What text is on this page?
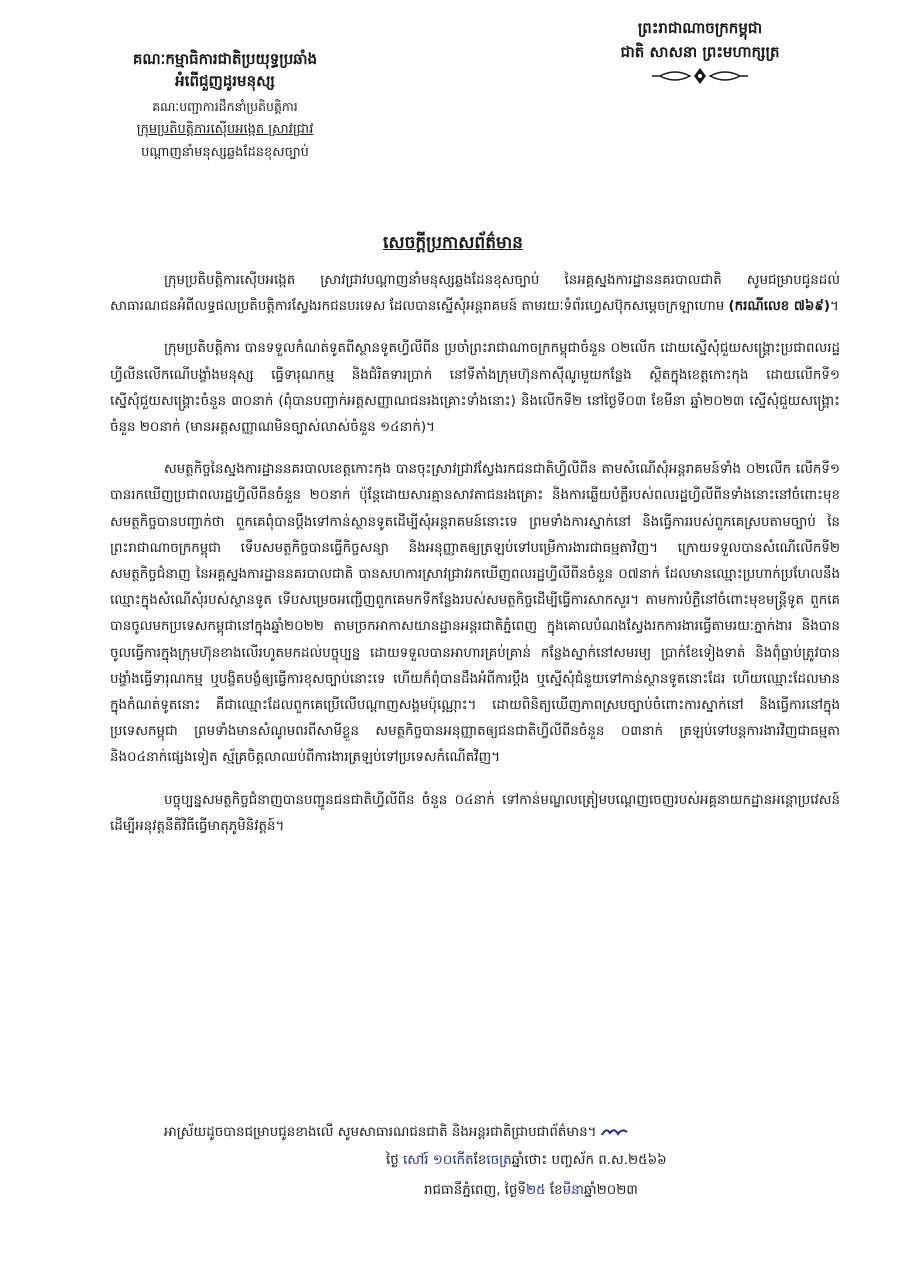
គណៈកម្មាធិការជាតិប្រយុទ្ធប្រឆាំង
អំពើជួញដូរមនុស្ស
គណៈបញ្ជាការដឹកនាំប្រតិបត្តិការ
ក្រុមប្រតិបត្តិការស៊ើបអង្កេត ស្រាវជ្រាវ
បណ្តាញនាំមនុស្សឆ្លងដែនខុសច្បាប់
ព្រះរាជាណាចក្រកម្ពុជា
ជាតិ សាសនា ព្រះមហាក្សត្រ
សេចក្តីប្រកាសព័ត៌មាន

ក្រុមប្រតិបត្តិការស៊ើបអង្កេត ស្រាវជ្រាវបណ្តាញនាំមនុស្សឆ្លងដែនខុសច្បាប់ នៃអគ្គស្នងការដ្ឋាននគរបាលជាតិ សូមជម្រាបជូនដល់សាធារណជនអំពីលទ្ធផលប្រតិបត្តិការស្វែងរកជនបរទេស ដែលបានស្នើសុំអន្តរាគមន៍ តាមរយៈទំព័រហ្វេសប៊ុកសម្តេចក្រឡាហោម (ករណីលេខ ៧៦៩)។

ក្រុមប្រតិបត្តិការ បានទទួលកំណត់ទូតពីស្ថានទូតហ្វីលីពីន ប្រចាំព្រះរាជាណាចក្រកម្ពុជាចំនួន ០២លើក ដោយស្នើសុំជួយសង្គ្រោះប្រជាពលរដ្ឋហ្វីលីនលើកណើបង្ខាំងមនុស្ស ធ្វើទារុណកម្ម និងជំរិតទារប្រាក់ នៅទីតាំងក្រុមហ៊ុនកាស៊ីណូមួយកន្លែង ស្ថិតក្នុងខេត្តកោះកុង ដោយលើកទី១ ស្នើសុំជួយសង្គ្រោះចំនួន ៣០នាក់ (ពុំបានបញ្ជាក់អត្តសញ្ញាណជនរងគ្រោះទាំងនោះ) និងលើកទី២ នៅថ្ងៃទី០៣ ខែមីនា ឆ្នាំ២០២៣ ស្នើសុំជួយសង្គ្រោះចំនួន ២០នាក់ (មានអត្តសញ្ញាណមិនច្បាស់លាស់ចំនួន ១៤នាក់)។

សមត្ថកិច្ចនៃស្នងការដ្ឋាននគរបាលខេត្តកោះកុង បានចុះស្រាវជ្រាវស្វែងរកជនជាតិហ្វីលីពីន តាមសំណើសុំអន្តរាគមន៍ទាំង ០២លើក លើកទី១ បានរកឃើញប្រជាពលរដ្ឋហ្វីលីពីនចំនួន ២០នាក់ ប៉ុន្តែដោយសារគ្មានសាវតាជនរងគ្រោះ និងការឆ្លើយបំភ្លឺរបស់ពលរដ្ឋហ្វីលីពីនទាំងនោះនៅចំពោះមុខសមត្ថកិច្ចបានបញ្ជាក់ថា ពួកគេពុំបានប្តឹងទៅកាន់ស្ថានទូតដើម្បីសុំអន្តរាគមន៍នោះទេ ព្រមទាំងការស្នាក់នៅ និងធ្វើការរបស់ពួកគេស្របតាមច្បាប់ នៃព្រះរាជាណាចក្រកម្ពុជា ទើបសមត្ថកិច្ចបានធ្វើកិច្ចសន្យា និងអនុញ្ញាតឲ្យត្រឡប់ទៅបម្រើការងារជាធម្មតាវិញ។ ក្រោយទទួលបានសំណើលើកទី២ សមត្ថកិច្ចជំនាញ នៃអគ្គស្នងការដ្ឋាននគរបាលជាតិ បានសហការស្រាវជ្រាវរកឃើញពលរដ្ឋហ្វីលីពីនចំនួន ០៧នាក់ ដែលមានឈ្មោះប្រហាក់ប្រហែលនឹងឈ្មោះក្នុងសំណើសុំរបស់ស្ថានទូត ទើបសម្រេចអញ្ជើញពួកគេមកទីកន្លែងរបស់សមត្ថកិច្ចដើម្បីធ្វើការសាកសួរ។ តាមការបំភ្លឺនៅចំពោះមុខមន្ត្រីទូត ពួកគេបានចូលមកប្រទេសកម្ពុជានៅក្នុងឆ្នាំ២០២២ តាមច្រកអាកាសយានដ្ឋានអន្តរជាតិភ្នំពេញ ក្នុងគោលបំណងស្វែងរកការងារធ្វើតាមរយៈភ្នាក់ងារ និងបានចូលធ្វើការក្នុងក្រុមហ៊ុនខាងលើរហូតមកដល់បច្ចុប្បន្ន ដោយទទួលបានអាហារគ្រប់គ្រាន់ កន្លែងស្នាក់នៅសមរម្យ ប្រាក់ខែទៀងទាត់ និងពុំធ្លាប់ត្រូវបានបង្ខាំងធ្វើទារុណកម្ម ឬបង្ខិតបង្ខំឲ្យធ្វើការខុសច្បាប់នោះទេ ហើយក៏ពុំបានដឹងអំពីការប្តឹង ឬស្នើសុំជំនួយទៅកាន់ស្ថានទូតនោះដែរ ហើយឈ្មោះដែលមានក្នុងកំណត់ទូតនោះ គឺជាឈ្មោះដែលពួកគេប្រើលើបណ្តាញសង្គមប៉ុណ្ណោះ។ ដោយពិនិត្យឃើញភាពស្របច្បាប់ចំពោះការស្នាក់នៅ និងធ្វើការនៅក្នុងប្រទេសកម្ពុជា ព្រមទាំងមានសំណូមពរពីសាមីខ្លួន សមត្ថកិច្ចបានអនុញ្ញាតឲ្យជនជាតិហ្វីលីពីនចំនួន ០៣នាក់ ត្រឡប់ទៅបន្តការងារវិញជាធម្មតា និង០៤នាក់ផ្សេងទៀត ស្ម័គ្រចិត្តលាឈប់ពីការងារត្រឡប់ទៅប្រទេសកំណើតវិញ។

បច្ចុប្បន្នសមត្ថកិច្ចជំនាញបានបញ្ជូនជនជាតិហ្វីលីពីន ចំនួន ០៤នាក់ ទៅកាន់មណ្ឌលត្រៀមបណ្តេញចេញរបស់អគ្គនាយកដ្ឋានអន្តោប្រវេសន៍ ដើម្បីអនុវត្តនីតិវិធីធ្វើមាតុភូមិនិវត្តន៍។

អាស្រ័យដូចបានជម្រាបជូនខាងលើ សូមសាធារណជនជាតិ និងអន្តរជាតិជ្រាបជាព័ត៌មាន។
ថ្ងៃ សៅរ៍ ១០កើតខែចេត្រឆ្នាំថោះ បញ្ចស័ក ព.ស.២៥៦៦
រាជធានីភ្នំពេញ, ថ្ងៃទី២៥ ខែមីនាឆ្នាំ២០២៣
